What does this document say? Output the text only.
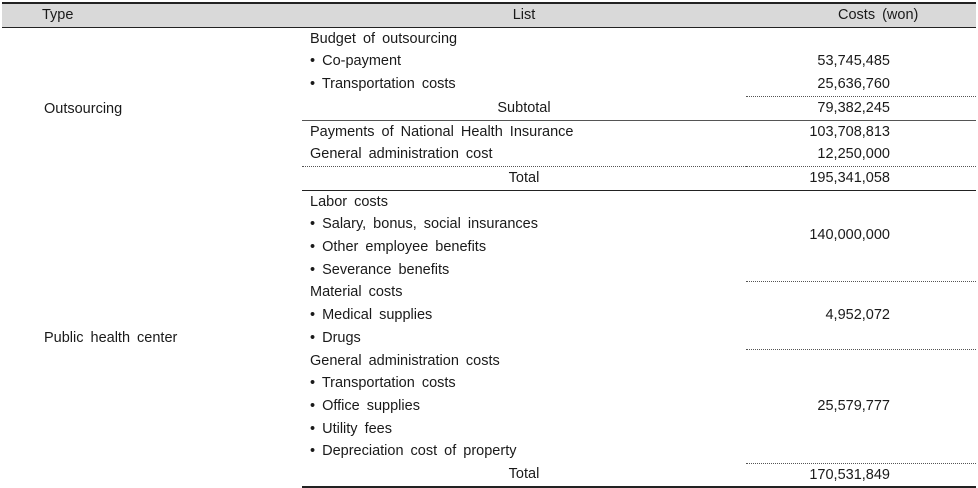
Type	List	Costs (won)
Outsourcing	Budget of outsourcing	
	• Co-payment	53,745,485
	• Transportation costs	25,636,760
	Subtotal	79,382,245
	Payments of National Health Insurance	103,708,813
	General administration cost	12,250,000
	Total	195,341,058
Public health center	Labor costs	140,000,000
	• Salary, bonus, social insurances	
	• Other employee benefits	
	• Severance benefits	
	Material costs	4,952,072
	• Medical supplies	
	• Drugs	
	General administration costs	25,579,777
	• Transportation costs	
	• Office supplies	
	• Utility fees	
	• Depreciation cost of property	
	Total	170,531,849
